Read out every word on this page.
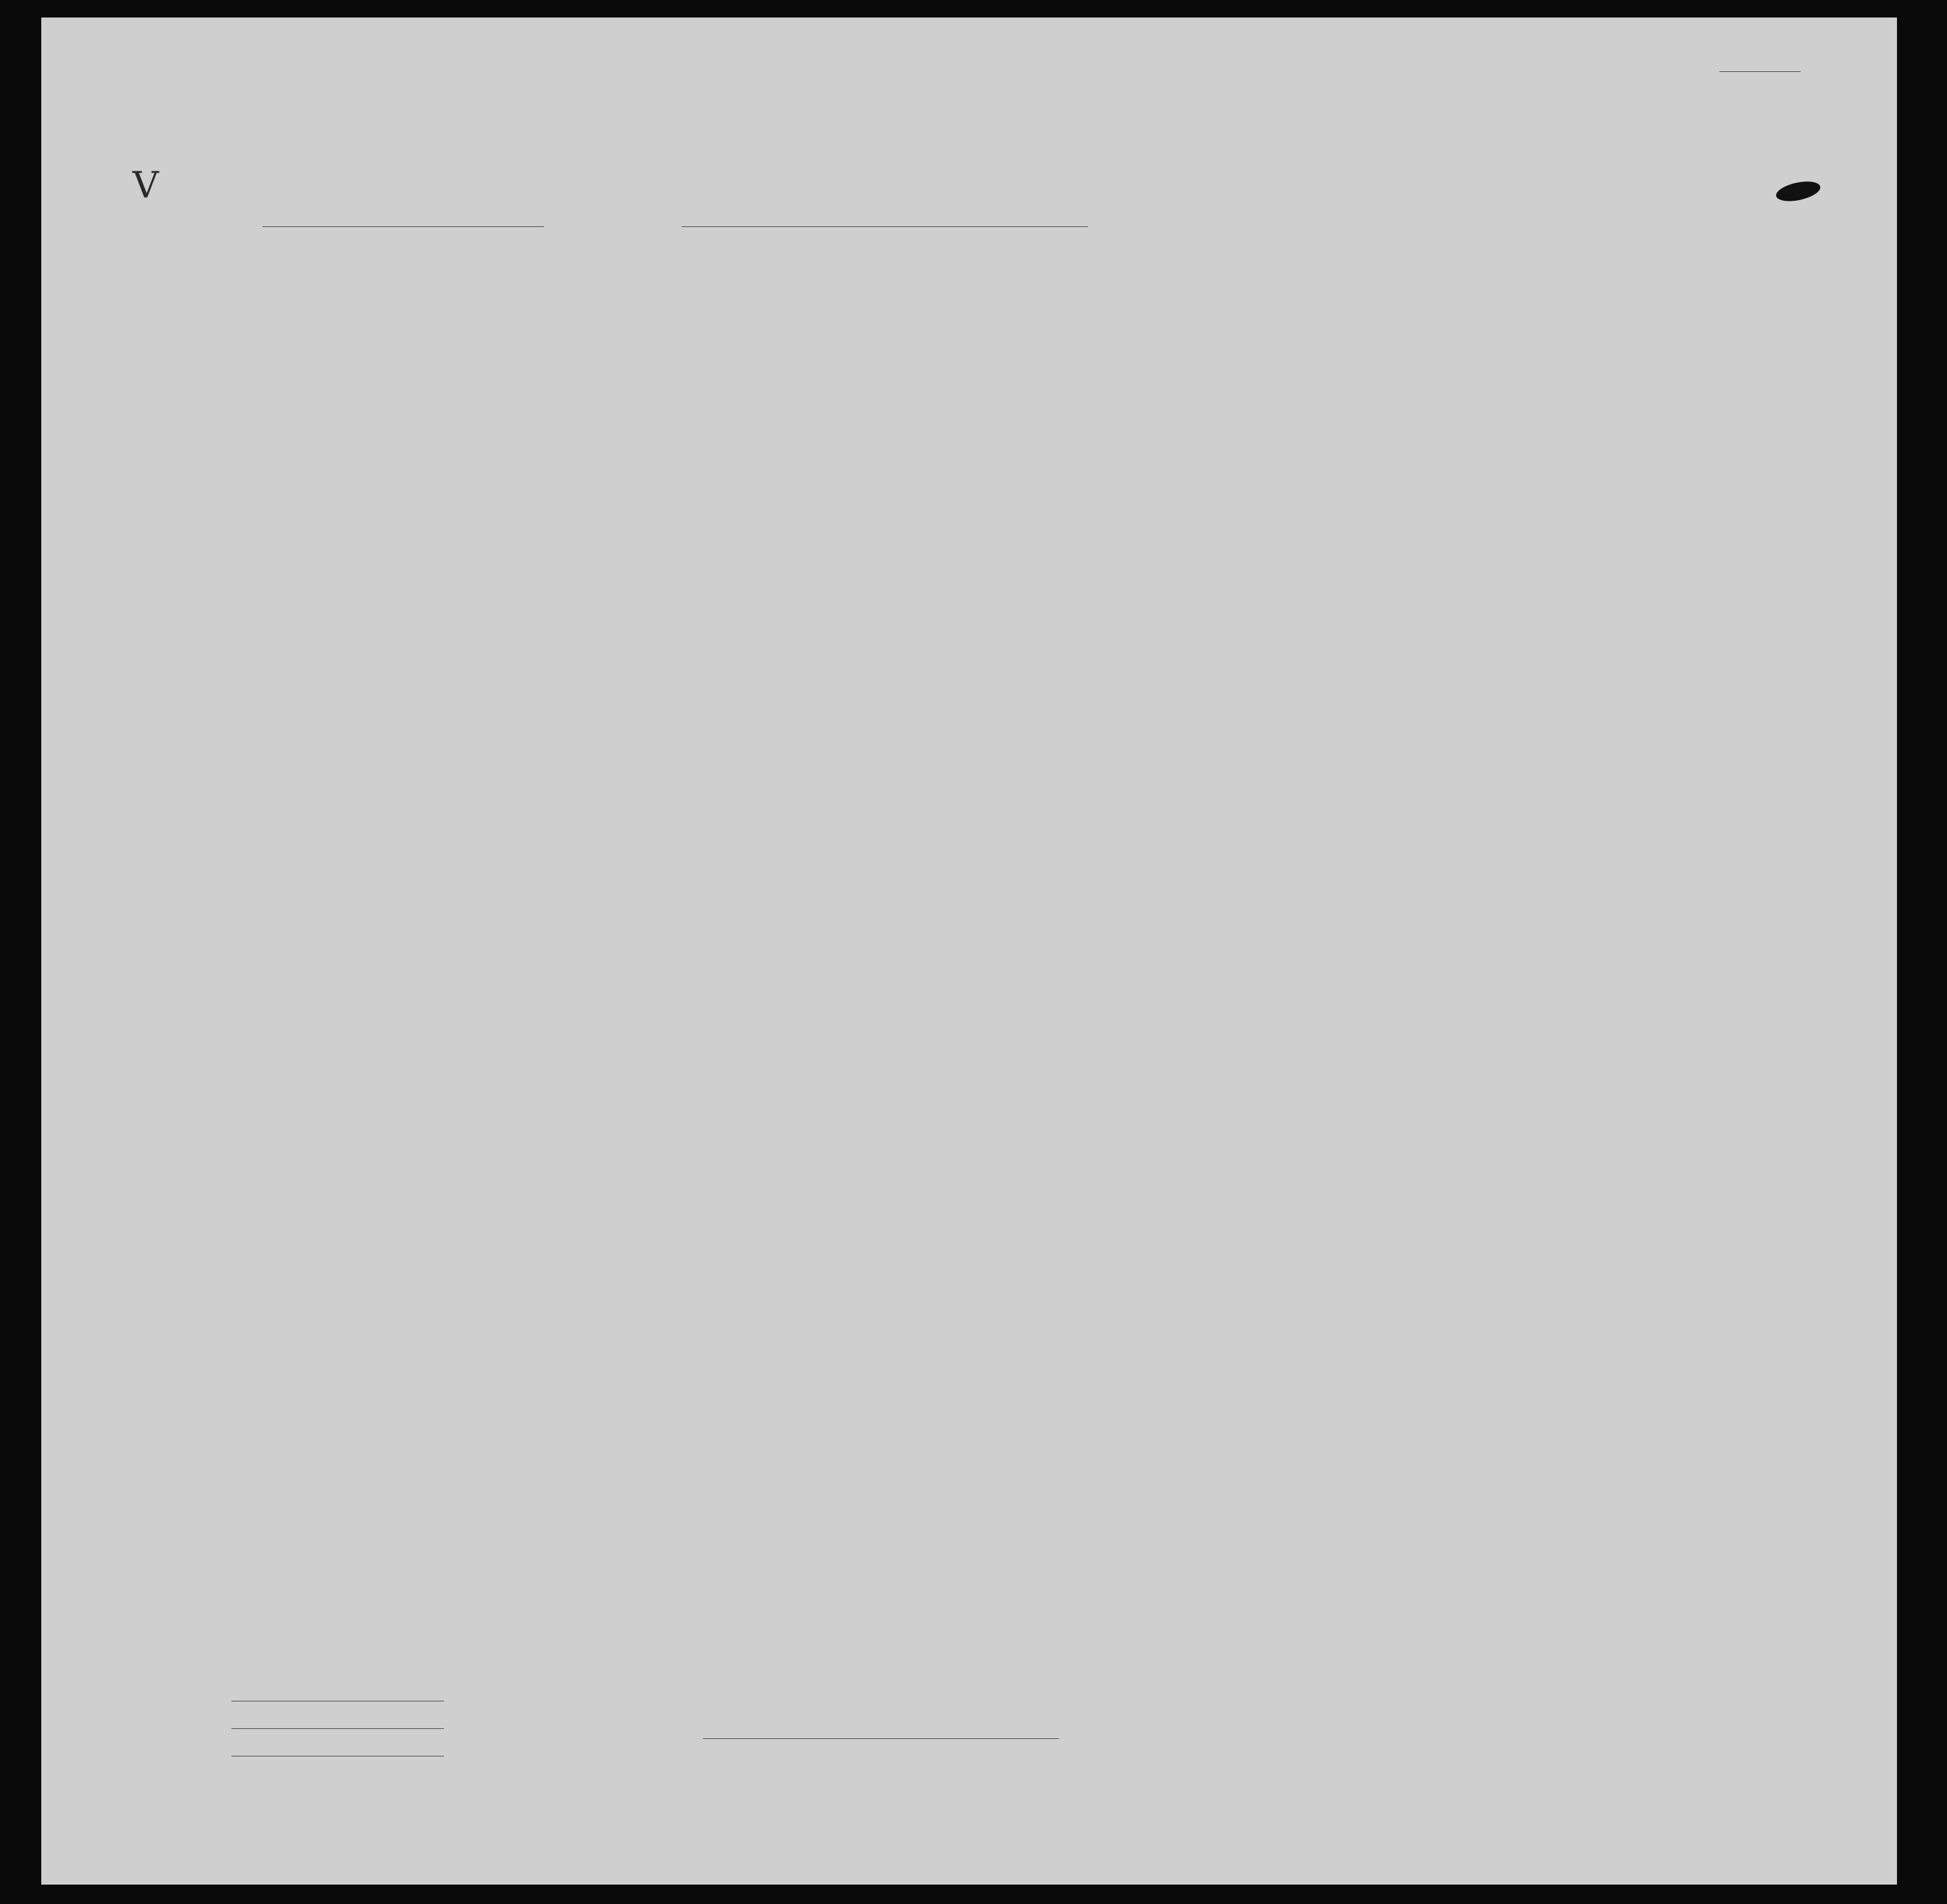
V
